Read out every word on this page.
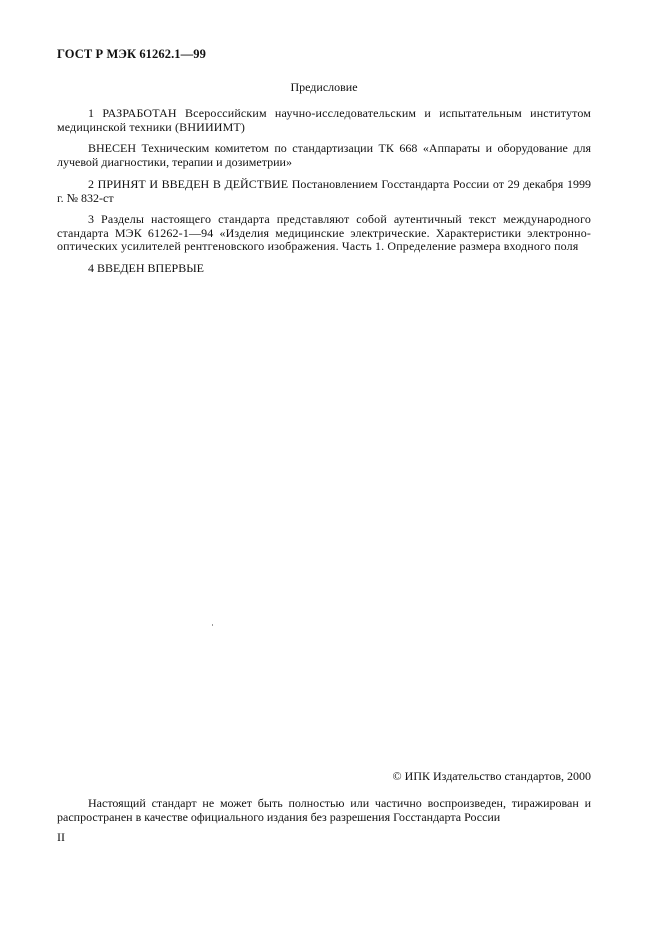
ГОСТ Р МЭК 61262.1—99
Предисловие

1 РАЗРАБОТАН Всероссийским научно-исследовательским и испытательным институтом медицинской техники (ВНИИИМТ)

ВНЕСЕН Техническим комитетом по стандартизации ТК 668 «Аппараты и оборудование для лучевой диагностики, терапии и дозиметрии»

2 ПРИНЯТ И ВВЕДЕН В ДЕЙСТВИЕ Постановлением Госстандарта России от 29 декабря 1999 г. № 832-ст

3 Разделы настоящего стандарта представляют собой аутентичный текст международного стандарта МЭК 61262-1—94 «Изделия медицинские электрические. Характеристики электронно-оптических усилителей рентгеновского изображения. Часть 1. Определение размера входного поля

4 ВВЕДЕН ВПЕРВЫЕ

© ИПК Издательство стандартов, 2000

Настоящий стандарт не может быть полностью или частично воспроизведен, тиражирован и распространен в качестве официального издания без разрешения Госстандарта России

II
